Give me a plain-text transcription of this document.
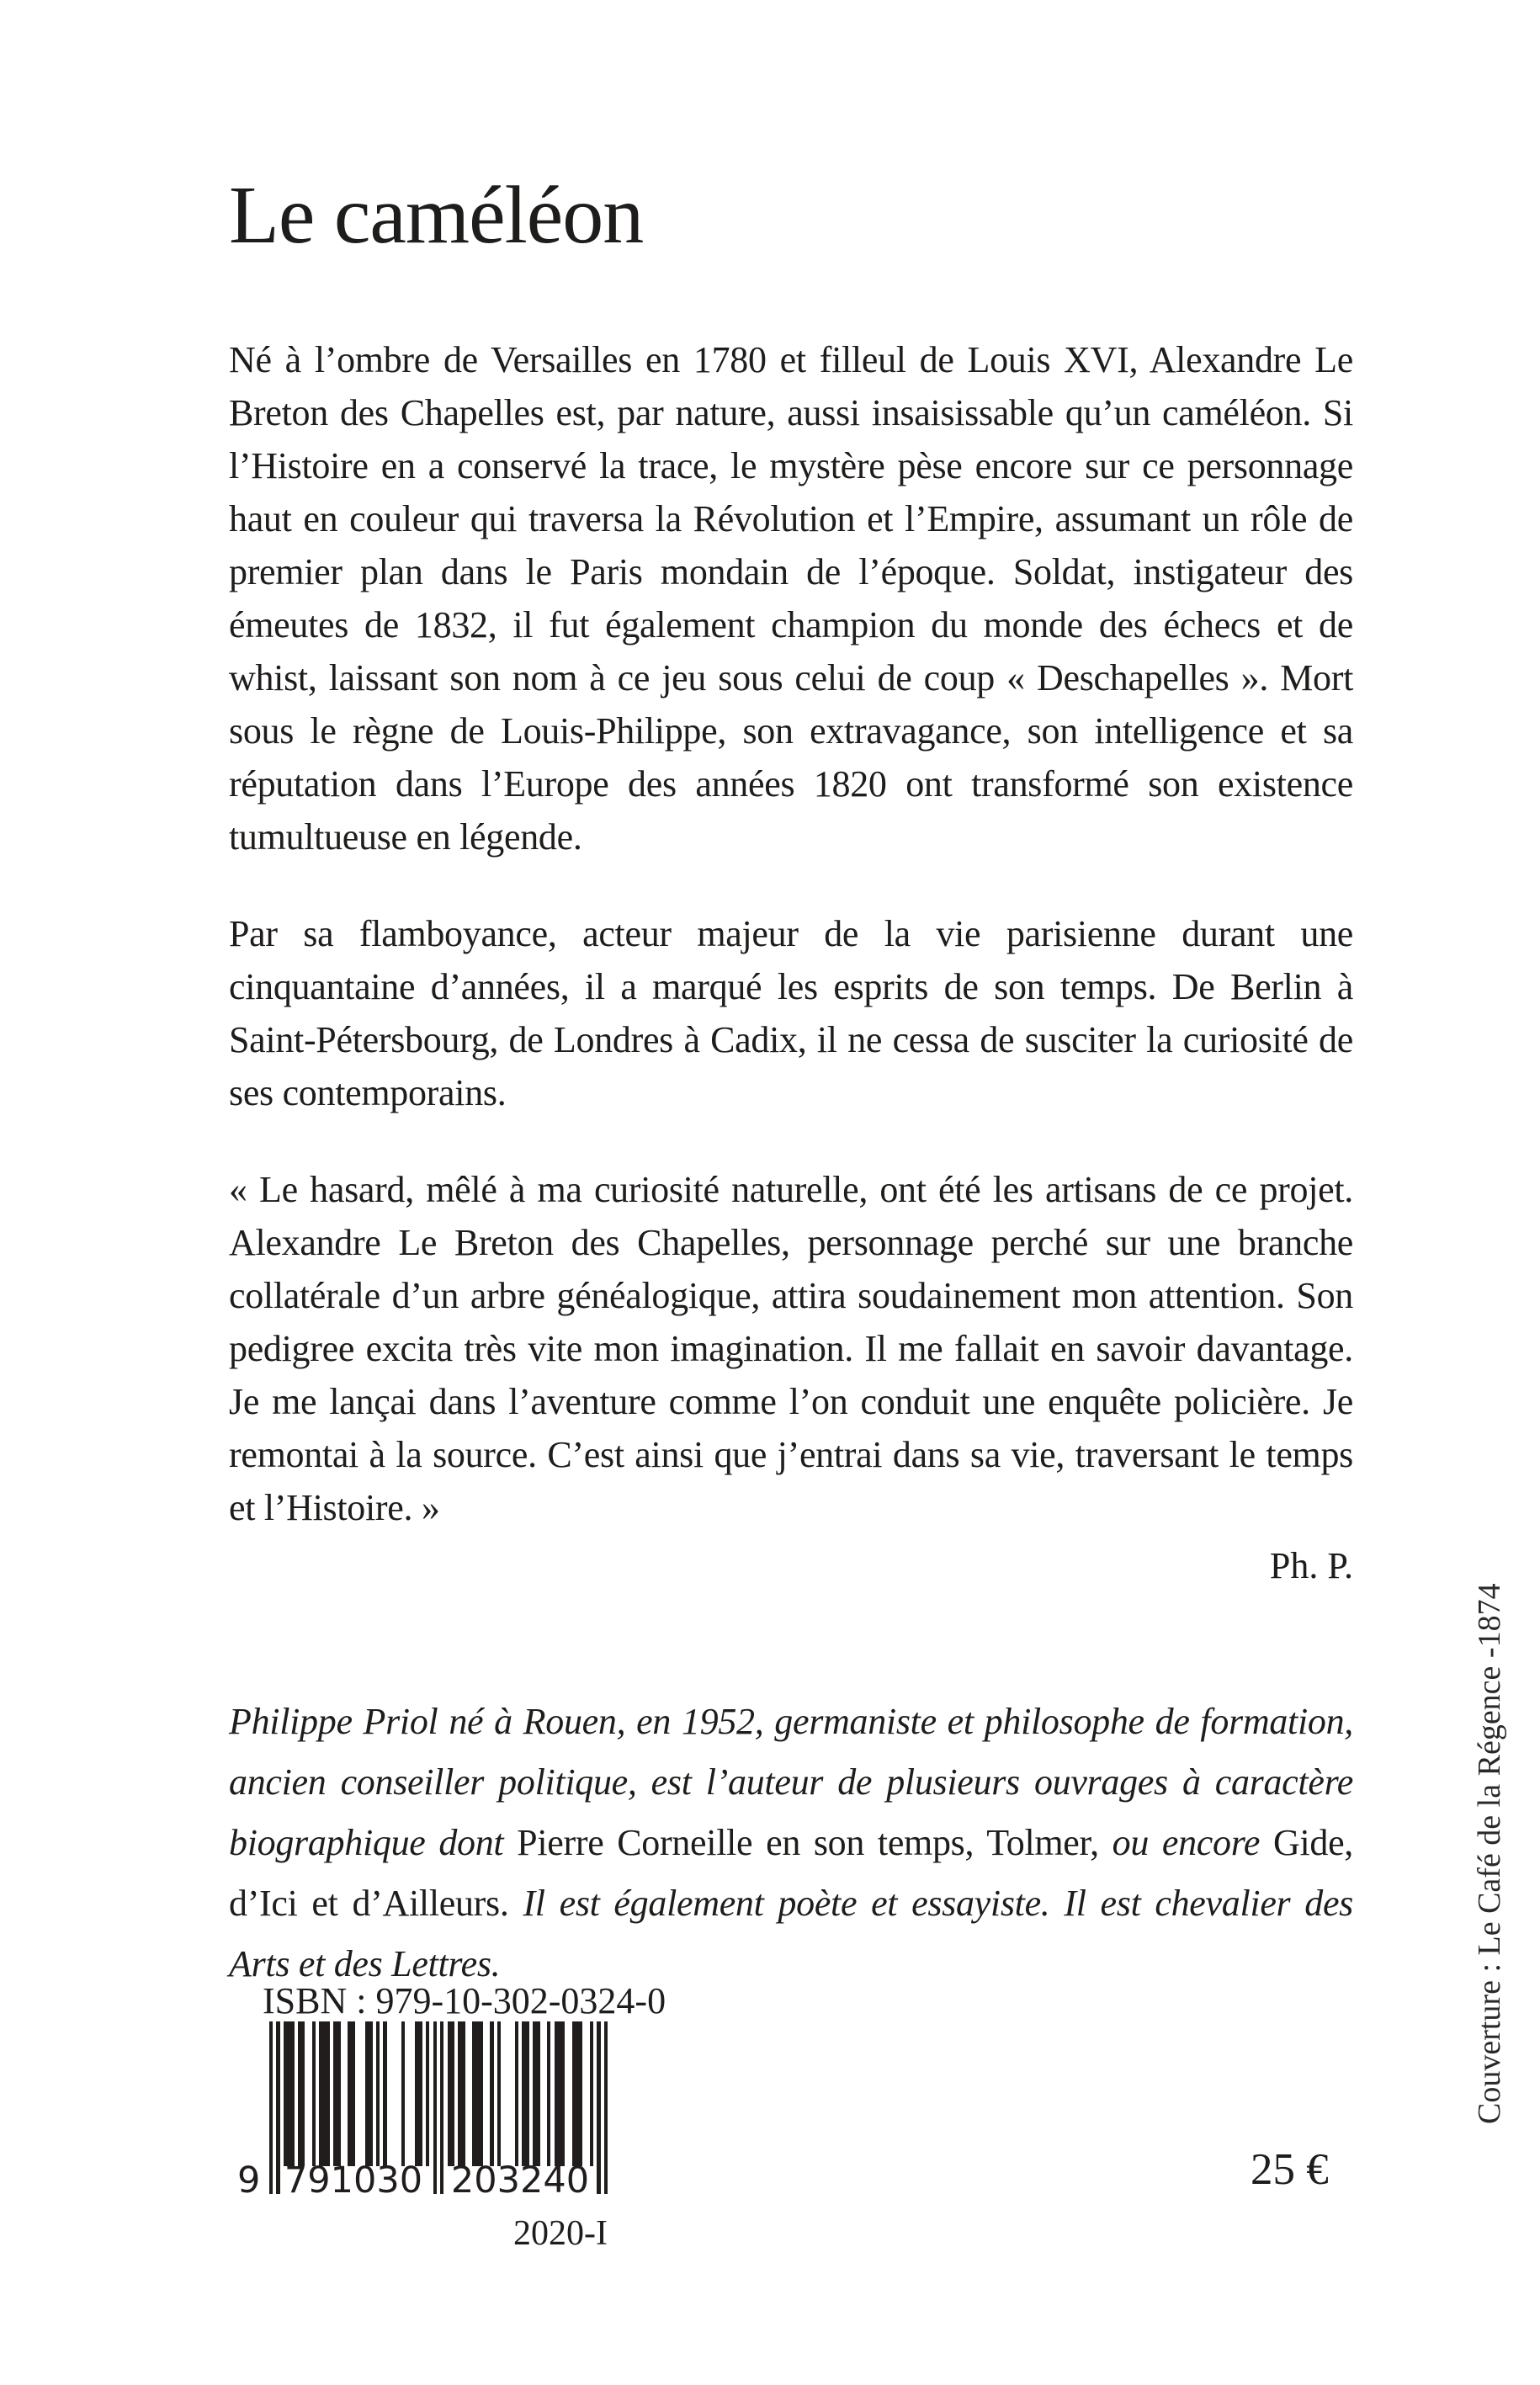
Le caméléon

Né à l’ombre de Versailles en 1780 et filleul de Louis XVI, Alexandre Le Breton des Chapelles est, par nature, aussi insaisissable qu’un caméléon. Si l’Histoire en a conservé la trace, le mystère pèse encore sur ce personnage haut en couleur qui traversa la Révolution et l’Empire, assumant un rôle de premier plan dans le Paris mondain de l’époque. Soldat, instigateur des émeutes de 1832, il fut également champion du monde des échecs et de whist, laissant son nom à ce jeu sous celui de coup « Deschapelles ». Mort sous le règne de Louis-Philippe, son extravagance, son intelligence et sa réputation dans l’Europe des années 1820 ont transformé son existence tumultueuse en légende.

Par sa flamboyance, acteur majeur de la vie parisienne durant une cinquantaine d’années, il a marqué les esprits de son temps. De Berlin à Saint-Pétersbourg, de Londres à Cadix, il ne cessa de susciter la curiosité de ses contemporains.

« Le hasard, mêlé à ma curiosité naturelle, ont été les artisans de ce projet. Alexandre Le Breton des Chapelles, personnage perché sur une branche collatérale d’un arbre généalogique, attira soudainement mon attention. Son pedigree excita très vite mon imagination. Il me fallait en savoir davantage. Je me lançai dans l’aventure comme l’on conduit une enquête policière. Je remontai à la source. C’est ainsi que j’entrai dans sa vie, traversant le temps et l’Histoire. »

Ph. P.

Philippe Priol né à Rouen, en 1952, germaniste et philosophe de formation, ancien conseiller politique, est l’auteur de plusieurs ouvrages à caractère biographique dont Pierre Corneille en son temps, Tolmer, ou encore Gide, d’Ici et d’Ailleurs. Il est également poète et essayiste. Il est chevalier des Arts et des Lettres.

ISBN : 979-10-302-0324-0
9 791030 203240
2020-I
25 €
Couverture : Le Café de la Régence -1874
